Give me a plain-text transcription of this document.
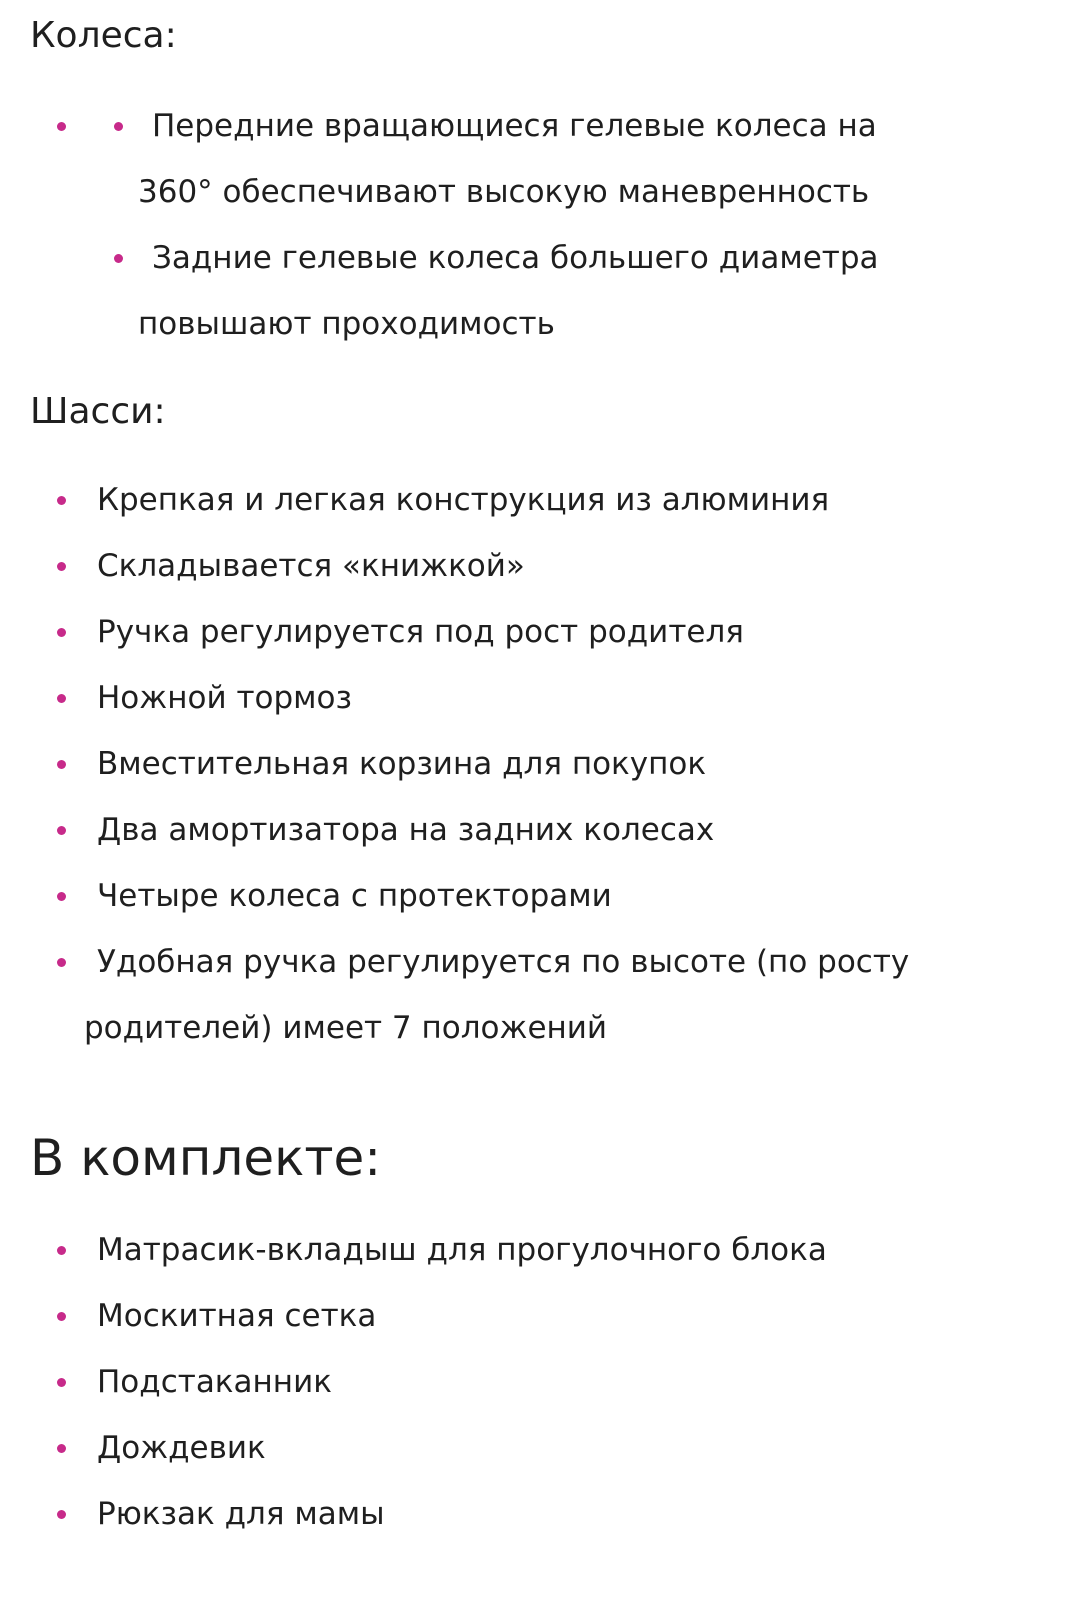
Колеса:
Передние вращающиеся гелевые колеса на
360° обеспечивают высокую маневренность
Задние гелевые колеса большего диаметра
повышают проходимость
Шасси:
Крепкая и легкая конструкция из алюминия
Складывается «книжкой»
Ручка регулируется под рост родителя
Ножной тормоз
Вместительная корзина для покупок
Два амортизатора на задних колесах
Четыре колеса с протекторами
Удобная ручка регулируется по высоте (по росту
родителей) имеет 7 положений
В комплекте:
Матрасик-вкладыш для прогулочного блока
Москитная сетка
Подстаканник
Дождевик
Рюкзак для мамы
